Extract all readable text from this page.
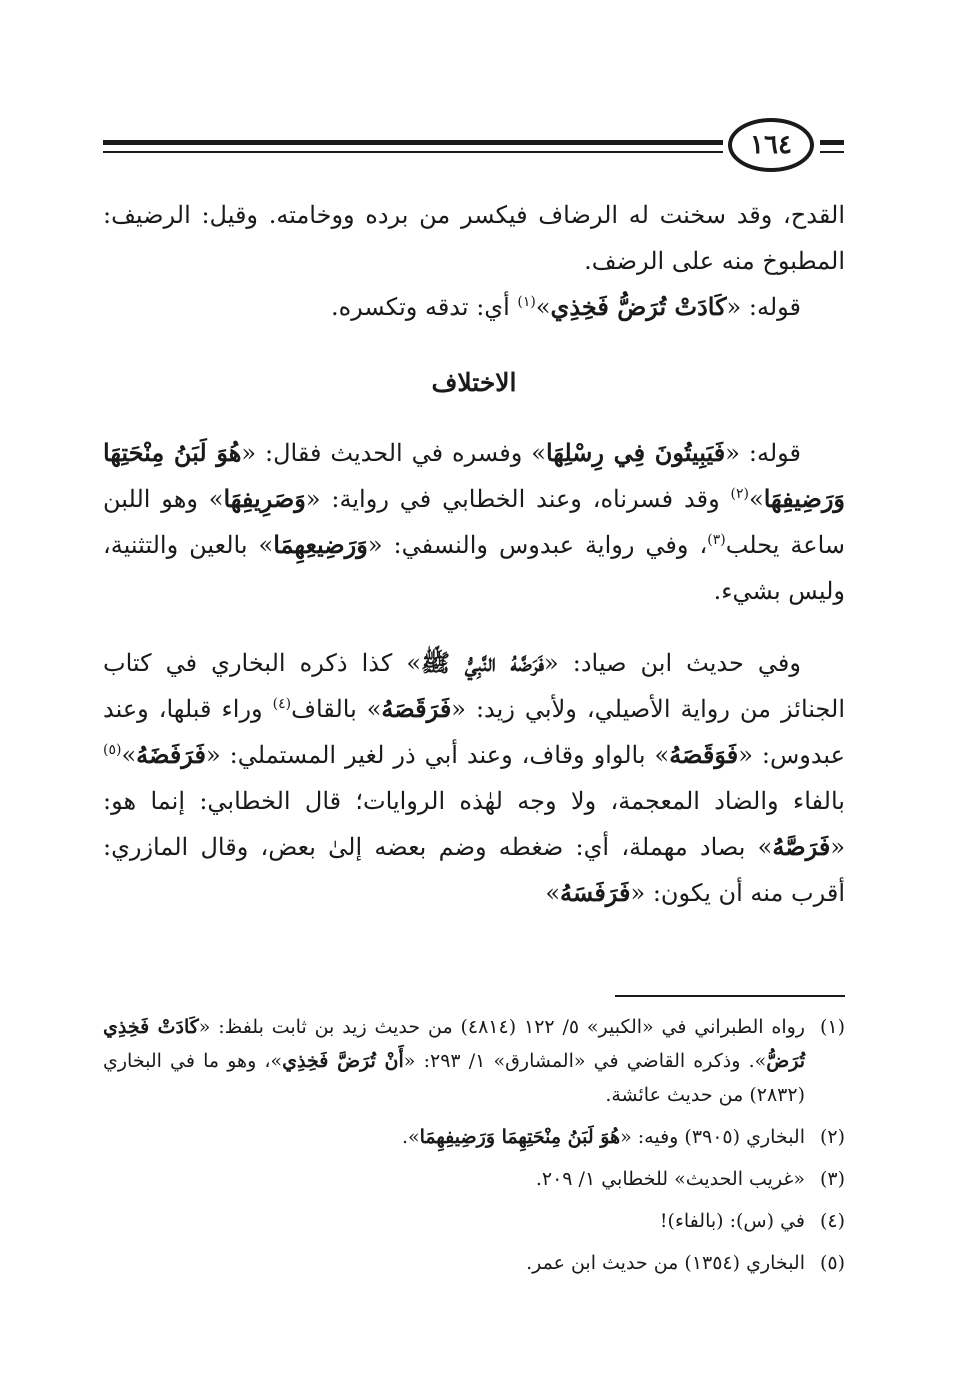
١٦٤

القدح، وقد سخنت له الرضاف فيكسر من برده ووخامته. وقيل: الرضيف: المطبوخ منه على الرضف.

قوله: «كَادَتْ تُرَضُّ فَخِذِي»$^{(١)}$ أي: تدقه وتكسره.

الاختلاف

قوله: «فَيَبِيتُونَ فِي رِسْلِهَا» وفسره في الحديث فقال: «هُوَ لَبَنُ مِنْحَتِهَا وَرَضِيفِهَا»$^{(٢)}$ وقد فسرناه، وعند الخطابي في رواية: «وَصَرِيفِهَا» وهو اللبن ساعة يحلب$^{(٣)}$، وفي رواية عبدوس والنسفي: «وَرَضِيعِهِمَا» بالعين والتثنية، وليس بشيء.

وفي حديث ابن صياد: «فَرَضَّهُ النَّبِيُّ ﷺ» كذا ذكره البخاري في كتاب الجنائز من رواية الأصيلي، ولأبي زيد: «فَرَقَصَهُ» بالقاف$^{(٤)}$ وراء قبلها، وعند عبدوس: «فَوَقَصَهُ» بالواو وقاف، وعند أبي ذر لغير المستملي: «فَرَفَضَهُ»$^{(٥)}$ بالفاء والضاد المعجمة، ولا وجه لهٰذه الروايات؛ قال الخطابي: إنما هو: «فَرَصَّهُ» بصاد مهملة، أي: ضغطه وضم بعضه إلىٰ بعض، وقال المازري: أقرب منه أن يكون: «فَرَفَسَهُ»

(١)
رواه الطبراني في «الكبير» ٥/ ١٢٢ (٤٨١٤) من حديث زيد بن ثابت بلفظ: «كَادَتْ فَخِذِي تُرَضُّ». وذكره القاضي في «المشارق» ١/ ٢٩٣: «أَنْ تُرَضَّ فَخِذِي»، وهو ما في البخاري (٢٨٣٢) من حديث عائشة.
(٢)
البخاري (٣٩٠٥) وفيه: «هُوَ لَبَنُ مِنْحَتِهِمَا وَرَضِيفِهِمَا».
(٣)
«غريب الحديث» للخطابي ١/ ٢٠٩.
(٤)
في (س): (بالفاء)!
(٥)
البخاري (١٣٥٤) من حديث ابن عمر.
